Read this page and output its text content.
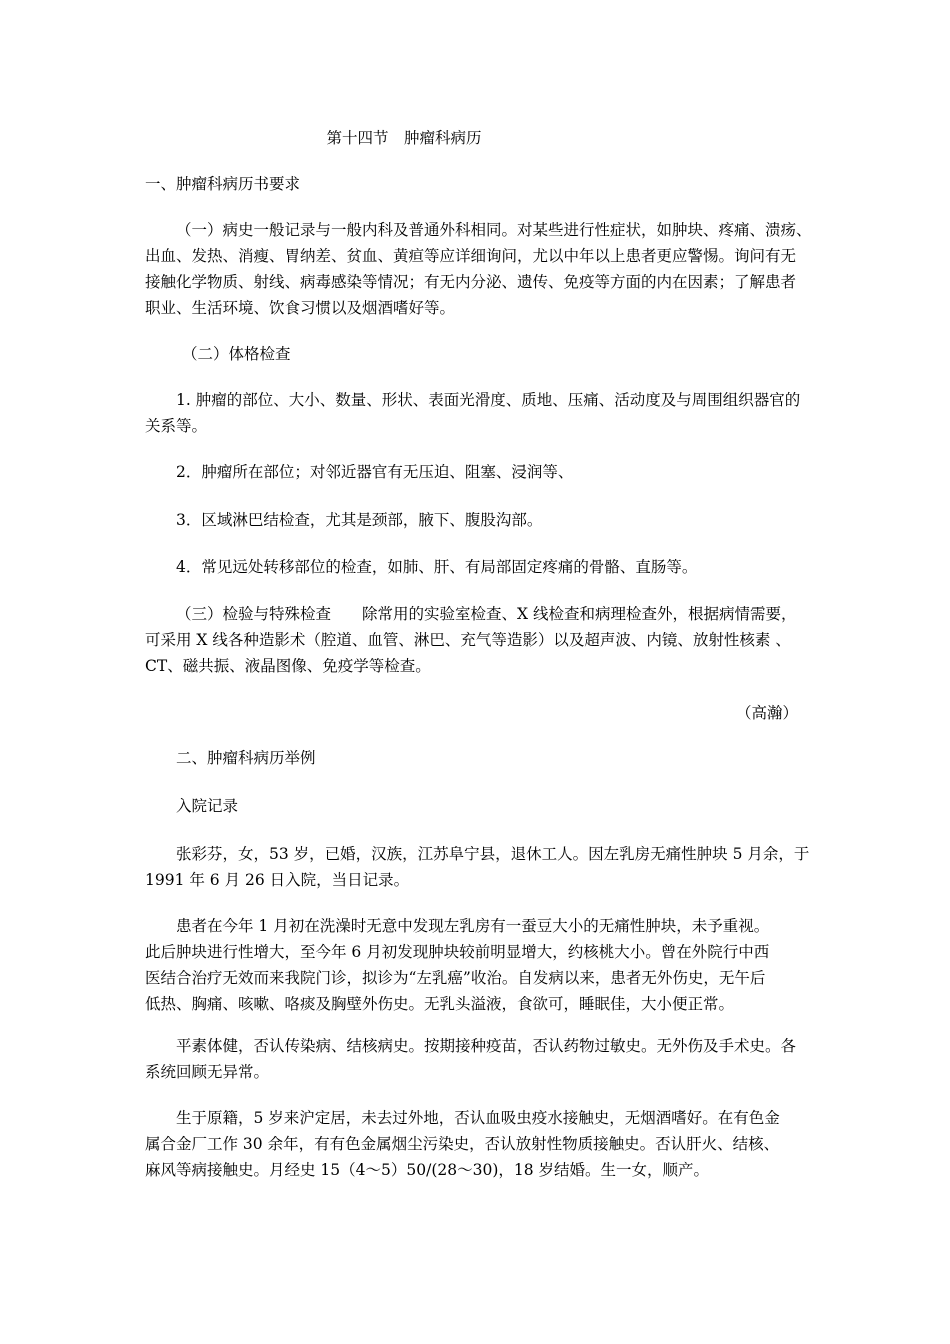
第十四节　肿瘤科病历
一、肿瘤科病历书要求
（一）病史一般记录与一般内科及普通外科相同。对某些进行性症状，如肿块、疼痛、溃疡、
出血、发热、消瘦、胃纳差、贫血、黄疸等应详细询问，尤以中年以上患者更应警惕。询问有无
接触化学物质、射线、病毒感染等情况；有无内分泌、遗传、免疫等方面的内在因素；了解患者
职业、生活环境、饮食习惯以及烟酒嗜好等。
（二）体格检查
1. 肿瘤的部位、大小、数量、形状、表面光滑度、质地、压痛、活动度及与周围组织器官的
关系等。
2．肿瘤所在部位；对邻近器官有无压迫、阻塞、浸润等、
3．区域淋巴结检查，尤其是颈部，腋下、腹股沟部。
4．常见远处转移部位的检查，如肺、肝、有局部固定疼痛的骨骼、直肠等。
（三）检验与特殊检查　　除常用的实验室检查、X 线检查和病理检查外，根据病情需要，
可采用 X 线各种造影术（腔道、血管、淋巴、充气等造影）以及超声波、内镜、放射性核素 、
CT、磁共振、液晶图像、免疫学等检查。
（高瀚）
二、肿瘤科病历举例
入院记录
张彩芬，女，53 岁，已婚，汉族，江苏阜宁县，退休工人。因左乳房无痛性肿块 5 月余，于
1991 年 6 月 26 日入院，当日记录。
患者在今年 1 月初在洗澡时无意中发现左乳房有一蚕豆大小的无痛性肿块，未予重视。
此后肿块进行性增大，至今年 6 月初发现肿块较前明显增大，约核桃大小。曾在外院行中西
医结合治疗无效而来我院门诊，拟诊为“左乳癌”收治。自发病以来，患者无外伤史，无午后
低热、胸痛、咳嗽、咯痰及胸壁外伤史。无乳头溢液，食欲可，睡眠佳，大小便正常。
平素体健，否认传染病、结核病史。按期接种疫苗，否认药物过敏史。无外伤及手术史。各
系统回顾无异常。
生于原籍，5 岁来沪定居，未去过外地，否认血吸虫疫水接触史，无烟酒嗜好。在有色金
属合金厂工作 30 余年，有有色金属烟尘污染史，否认放射性物质接触史。否认肝火、结核、
麻风等病接触史。月经史 15（4～5）50/(28～30)，18 岁结婚。生一女，顺产。
